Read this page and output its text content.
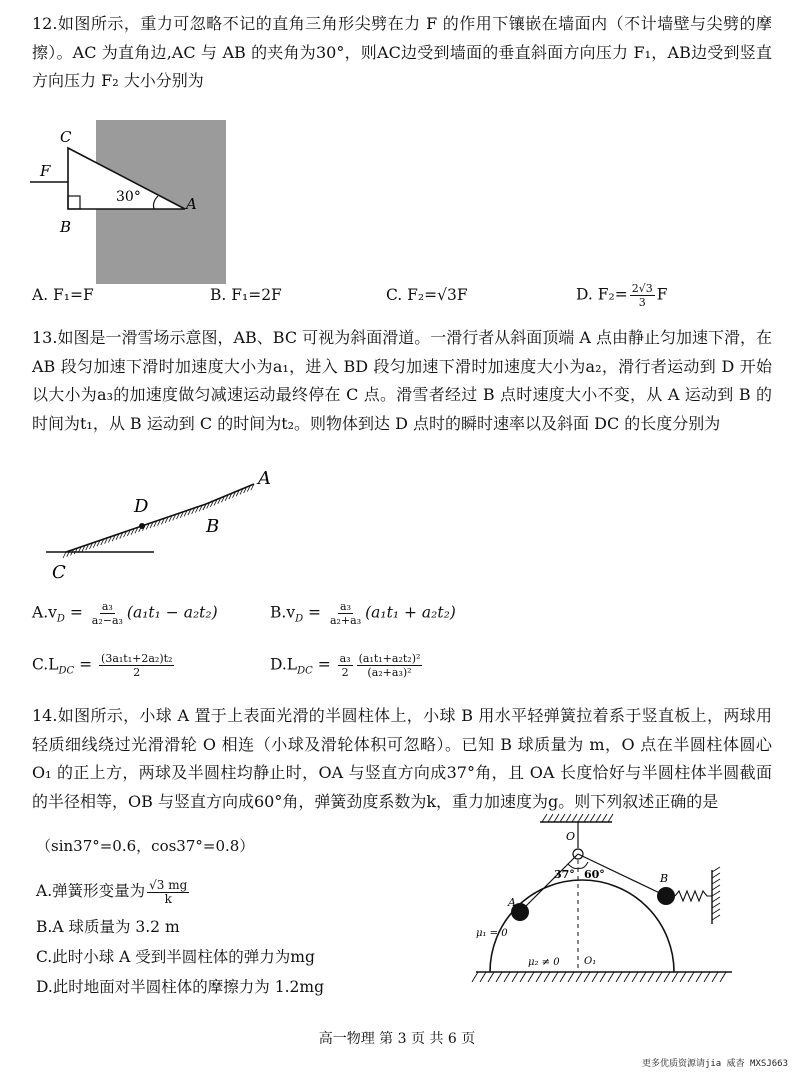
12.如图所示，重力可忽略不记的直角三角形尖劈在力 F 的作用下镶嵌在墙面内（不计墙壁与尖劈的摩擦）。AC 为直角边,AC 与 AB 的夹角为30°，则AC边受到墙面的垂直斜面方向压力 F₁，AB边受到竖直方向压力 F₂ 大小分别为
C
F
B
A
30°
A. F₁=F	B. F₁=2F	C. F₂=√3F	D. $F_2= \frac{2√3}{3}$ F
13.如图是一滑雪场示意图，AB、BC 可视为斜面滑道。一滑行者从斜面顶端 A 点由静止匀加速下滑，在 AB 段匀加速下滑时加速度大小为a₁，进入 BD 段匀加速下滑时加速度大小为a₂，滑行者运动到 D 开始以大小为a₃的加速度做匀减速运动最终停在 C 点。滑雪者经过 B 点时速度大小不变，从 A 运动到 B 的时间为t₁，从 B 运动到 C 的时间为t₂。则物体到达 D 点时的瞬时速率以及斜面 DC 的长度分别为
A
B
C
D
$A.v_D = \frac{\text{a₃}}{\text{a₂−a₃}} (a_1t_1 - a_2t_2)$	$B.v_D = \frac{\text{a₃}}{\text{a₂+a₃}} (a_1t_1 + a_2t_2)$
$C.L_{DC} = \frac{\text{(3a₁t₁+2a₂)t₂}}{2}$	$D.L_{DC} = \frac{\text{a₃}}{2} \frac{\text{(a₁t₁+a₂t₂)²}}{\text{(a₂+a₃)²}}$
14.如图所示，小球 A 置于上表面光滑的半圆柱体上，小球 B 用水平轻弹簧拉着系于竖直板上，两球用轻质细线绕过光滑滑轮 O 相连（小球及滑轮体积可忽略）。已知 B 球质量为 m，O 点在半圆柱体圆心 O₁ 的正上方，两球及半圆柱均静止时，OA 与竖直方向成37°角，且 OA 长度恰好与半圆柱体半圆截面的半径相等，OB 与竖直方向成60°角，弹簧劲度系数为k，重力加速度为g。则下列叙述正确的是
（sin37°=0.6，cos37°=0.8）
A.弹簧形变量为 $\frac{√3 mg}{k}$
B.A 球质量为 3.2 m
C.此时小球 A 受到半圆柱体的弹力为mg
D.此时地面对半圆柱体的摩擦力为 1.2mg
O
A
B
37° 60°
μ₁ = 0
μ₂ ≠ 0 O₁
高一物理 第 3 页 共 6 页
更多优质资源请jia 威杳 MXSJ663
